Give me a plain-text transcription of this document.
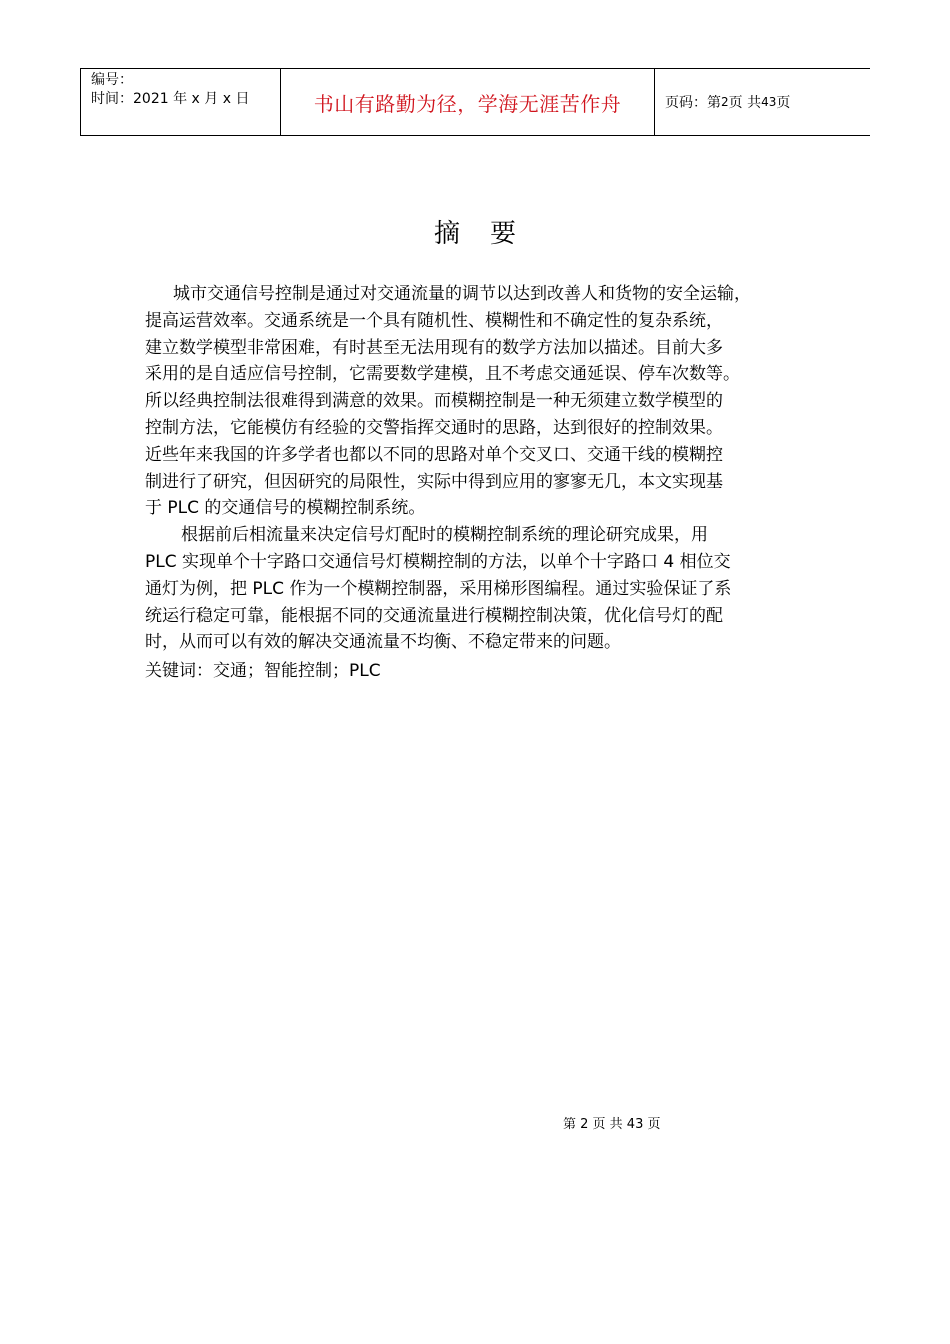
编号：
时间：2021 年 x 月 x 日	书山有路勤为径，学海无涯苦作舟	页码：第 2 页 共 43 页
摘要

城市交通信号控制是通过对交通流量的调节以达到改善人和货物的安全运输，
提高运营效率。交通系统是一个具有随机性、模糊性和不确定性的复杂系统，
建立数学模型非常困难，有时甚至无法用现有的数学方法加以描述。目前大多
采用的是自适应信号控制，它需要数学建模，且不考虑交通延误、停车次数等。
所以经典控制法很难得到满意的效果。而模糊控制是一种无须建立数学模型的
控制方法，它能模仿有经验的交警指挥交通时的思路，达到很好的控制效果。
近些年来我国的许多学者也都以不同的思路对单个交叉口、交通干线的模糊控
制进行了研究，但因研究的局限性，实际中得到应用的寥寥无几，本文实现基
于 PLC 的交通信号的模糊控制系统。

根据前后相流量来决定信号灯配时的模糊控制系统的理论研究成果，用
PLC 实现单个十字路口交通信号灯模糊控制的方法，以单个十字路口 4 相位交
通灯为例，把 PLC 作为一个模糊控制器，采用梯形图编程。通过实验保证了系
统运行稳定可靠，能根据不同的交通流量进行模糊控制决策，优化信号灯的配
时，从而可以有效的解决交通流量不均衡、不稳定带来的问题。

关键词：交通；智能控制；PLC
第 2 页 共 43 页
